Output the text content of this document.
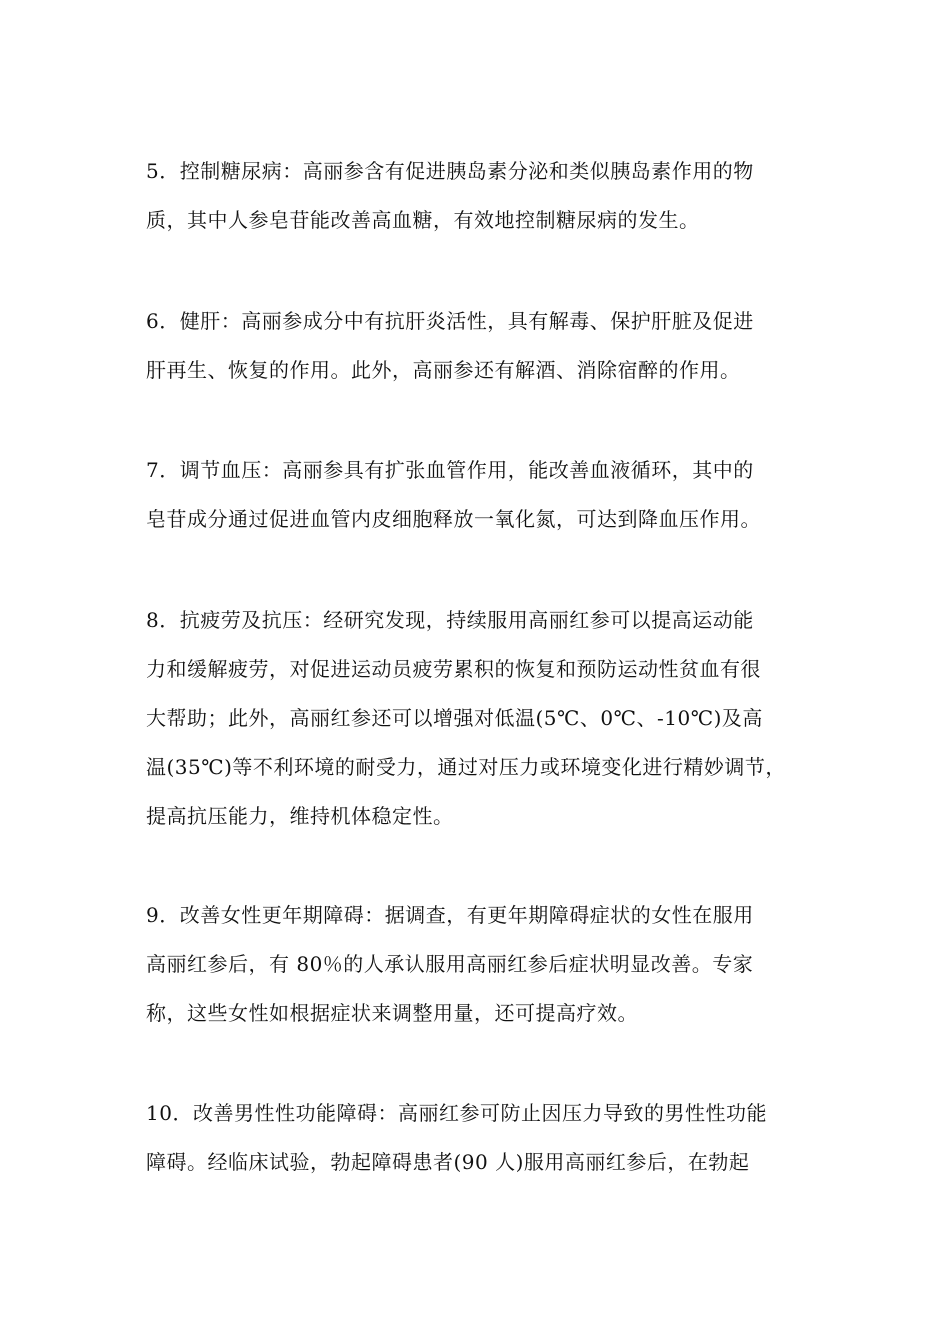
5．控制糖尿病：高丽参含有促进胰岛素分泌和类似胰岛素作用的物
质，其中人参皂苷能改善高血糖，有效地控制糖尿病的发生。

6．健肝：高丽参成分中有抗肝炎活性，具有解毒、保护肝脏及促进
肝再生、恢复的作用。此外，高丽参还有解酒、消除宿醉的作用。

7．调节血压：高丽参具有扩张血管作用，能改善血液循环，其中的
皂苷成分通过促进血管内皮细胞释放一氧化氮，可达到降血压作用。

8．抗疲劳及抗压：经研究发现，持续服用高丽红参可以提高运动能
力和缓解疲劳，对促进运动员疲劳累积的恢复和预防运动性贫血有很
大帮助；此外，高丽红参还可以增强对低温(5℃、0℃、-10℃)及高
温(35℃)等不利环境的耐受力，通过对压力或环境变化进行精妙调节，
提高抗压能力，维持机体稳定性。

9．改善女性更年期障碍：据调查，有更年期障碍症状的女性在服用
高丽红参后，有 80％的人承认服用高丽红参后症状明显改善。专家
称，这些女性如根据症状来调整用量，还可提高疗效。

10．改善男性性功能障碍：高丽红参可防止因压力导致的男性性功能
障碍。经临床试验，勃起障碍患者(90 人)服用高丽红参后，在勃起
